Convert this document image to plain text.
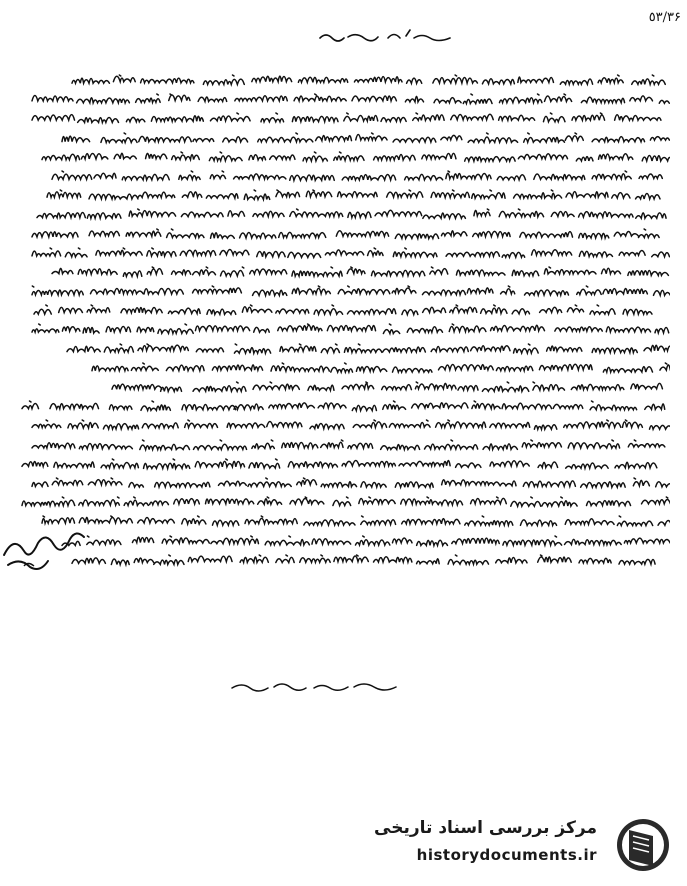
٥٣/٣۶
مرکز بررسی اسناد تاریخی
historydocuments.ir
